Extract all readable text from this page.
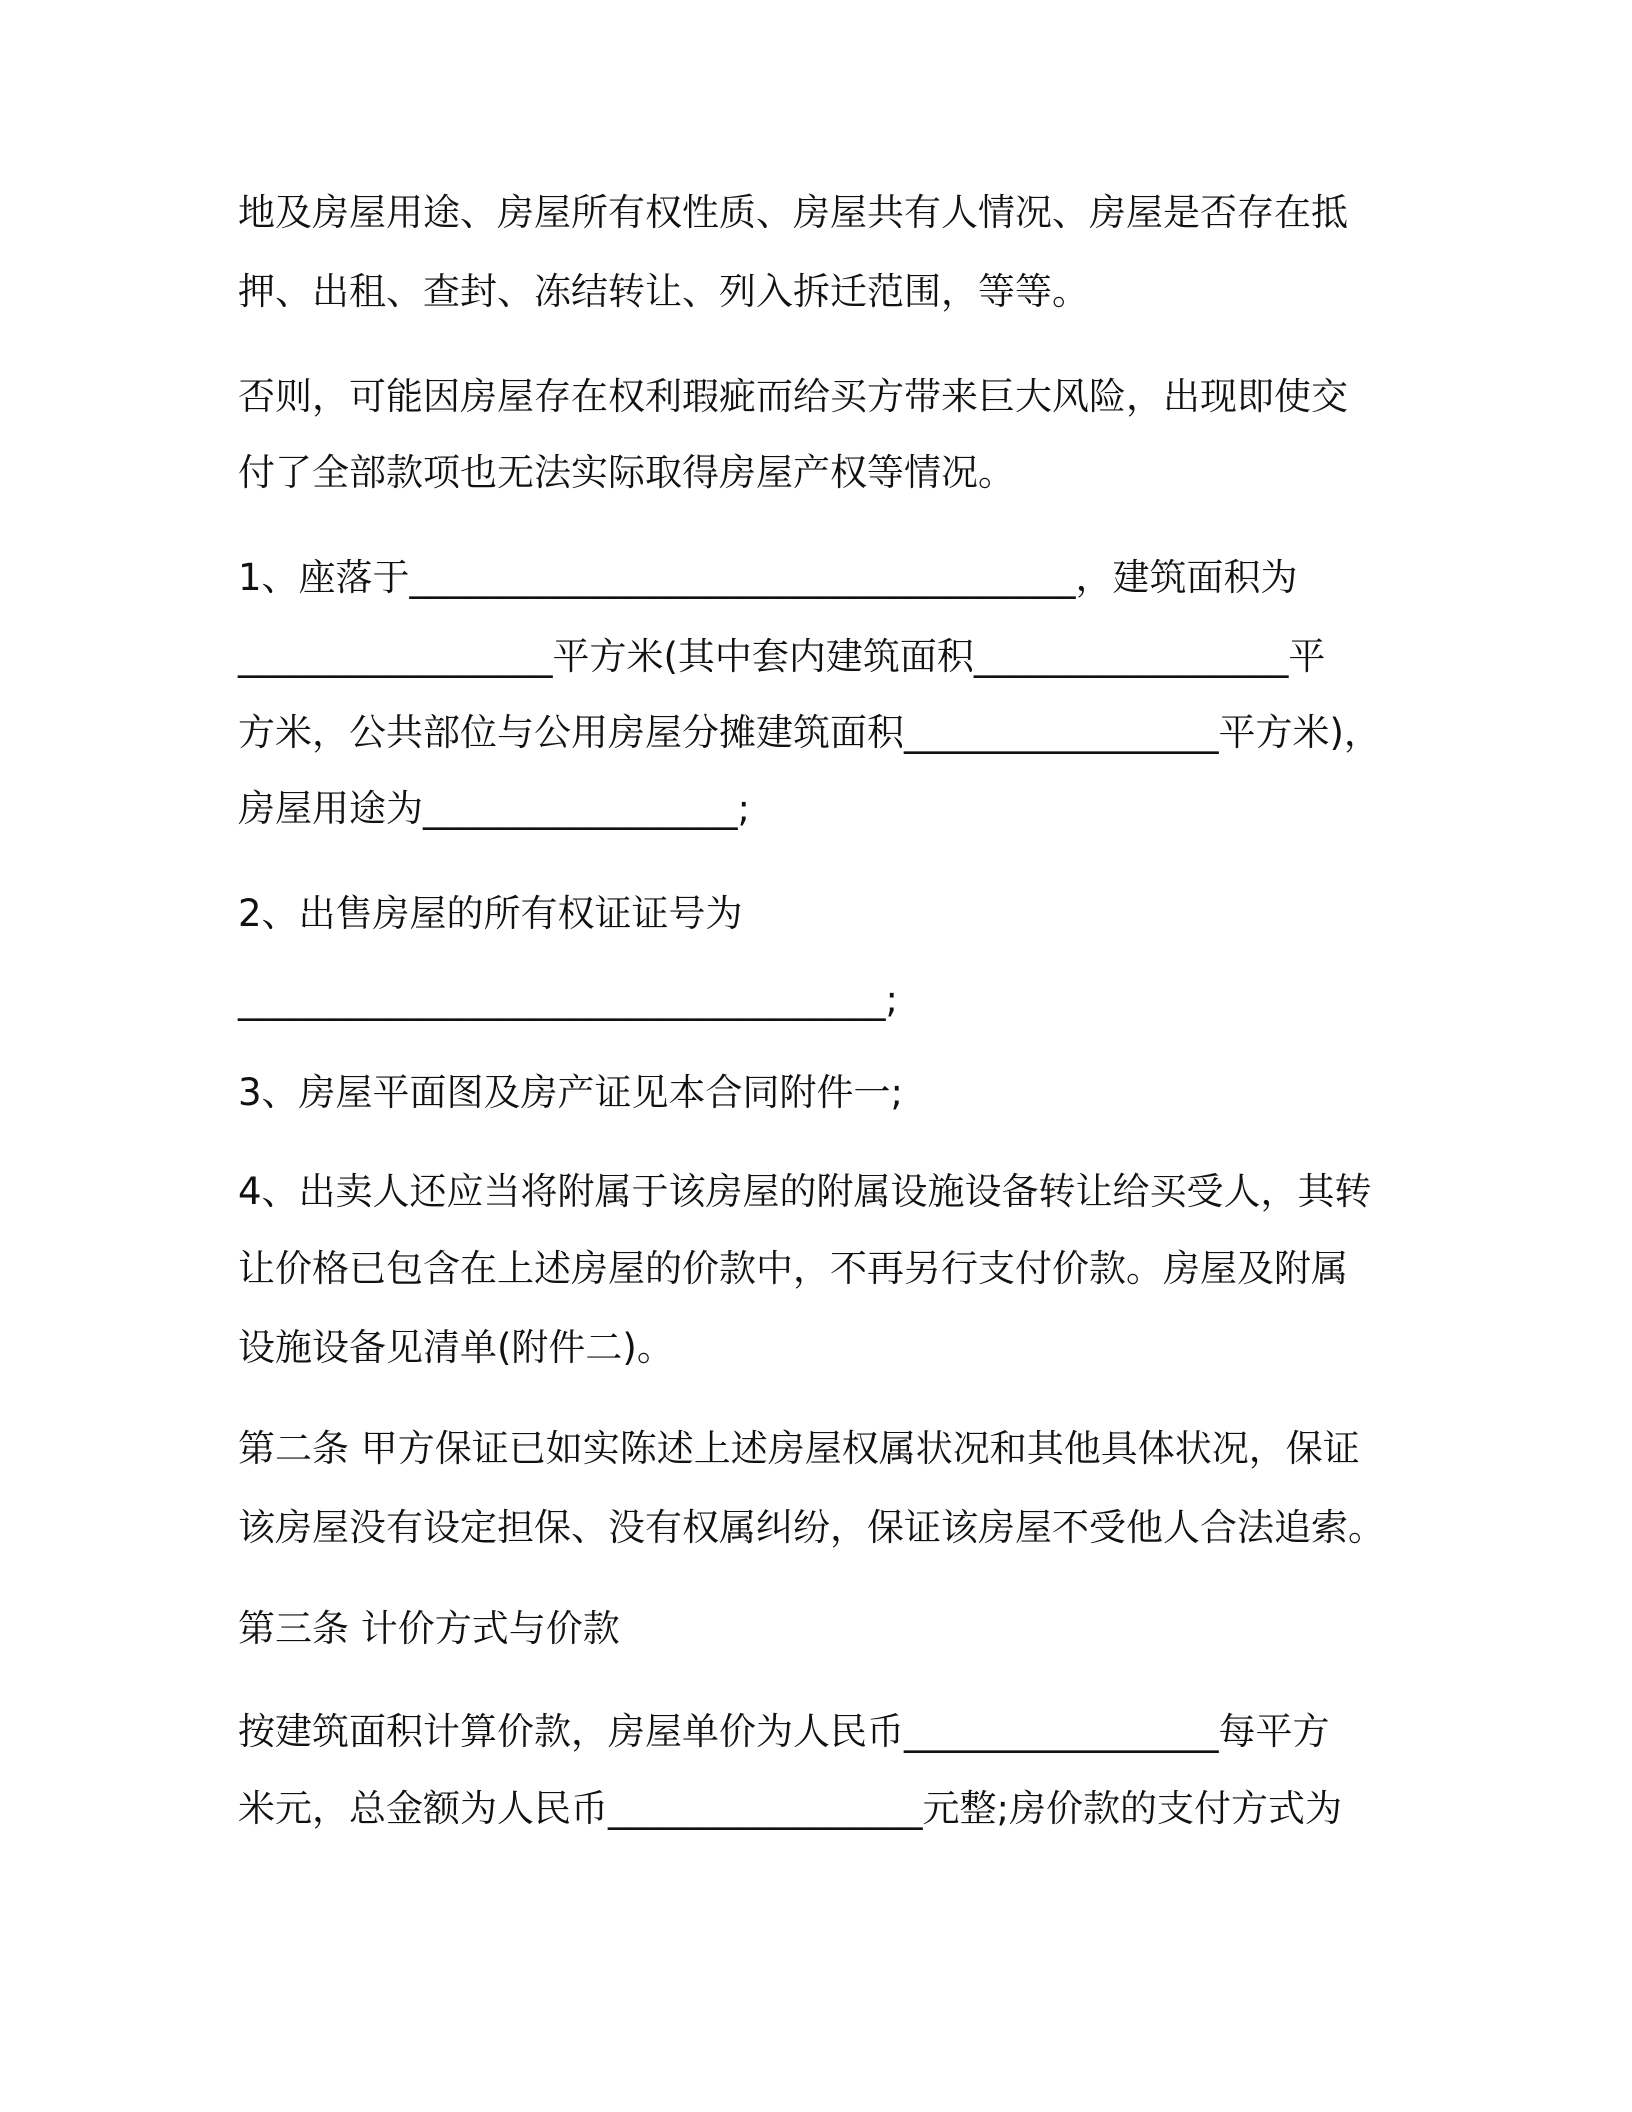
地及房屋用途、房屋所有权性质、房屋共有人情况、房屋是否存在抵

押、出租、查封、冻结转让、列入拆迁范围，等等。

否则，可能因房屋存在权利瑕疵而给买方带来巨大风险，出现即使交

付了全部款项也无法实际取得房屋产权等情况。

1、座落于____________________________________，建筑面积为

_________________平方米(其中套内建筑面积_________________平

方米，公共部位与公用房屋分摊建筑面积_________________平方米)，

房屋用途为_________________;

2、出售房屋的所有权证证号为

___________________________________;

3、房屋平面图及房产证见本合同附件一;

4、出卖人还应当将附属于该房屋的附属设施设备转让给买受人，其转

让价格已包含在上述房屋的价款中，不再另行支付价款。房屋及附属

设施设备见清单(附件二)。

第二条 甲方保证已如实陈述上述房屋权属状况和其他具体状况，保证

该房屋没有设定担保、没有权属纠纷，保证该房屋不受他人合法追索。

第三条 计价方式与价款

按建筑面积计算价款，房屋单价为人民币_________________每平方

米元，总金额为人民币_________________元整;房价款的支付方式为
